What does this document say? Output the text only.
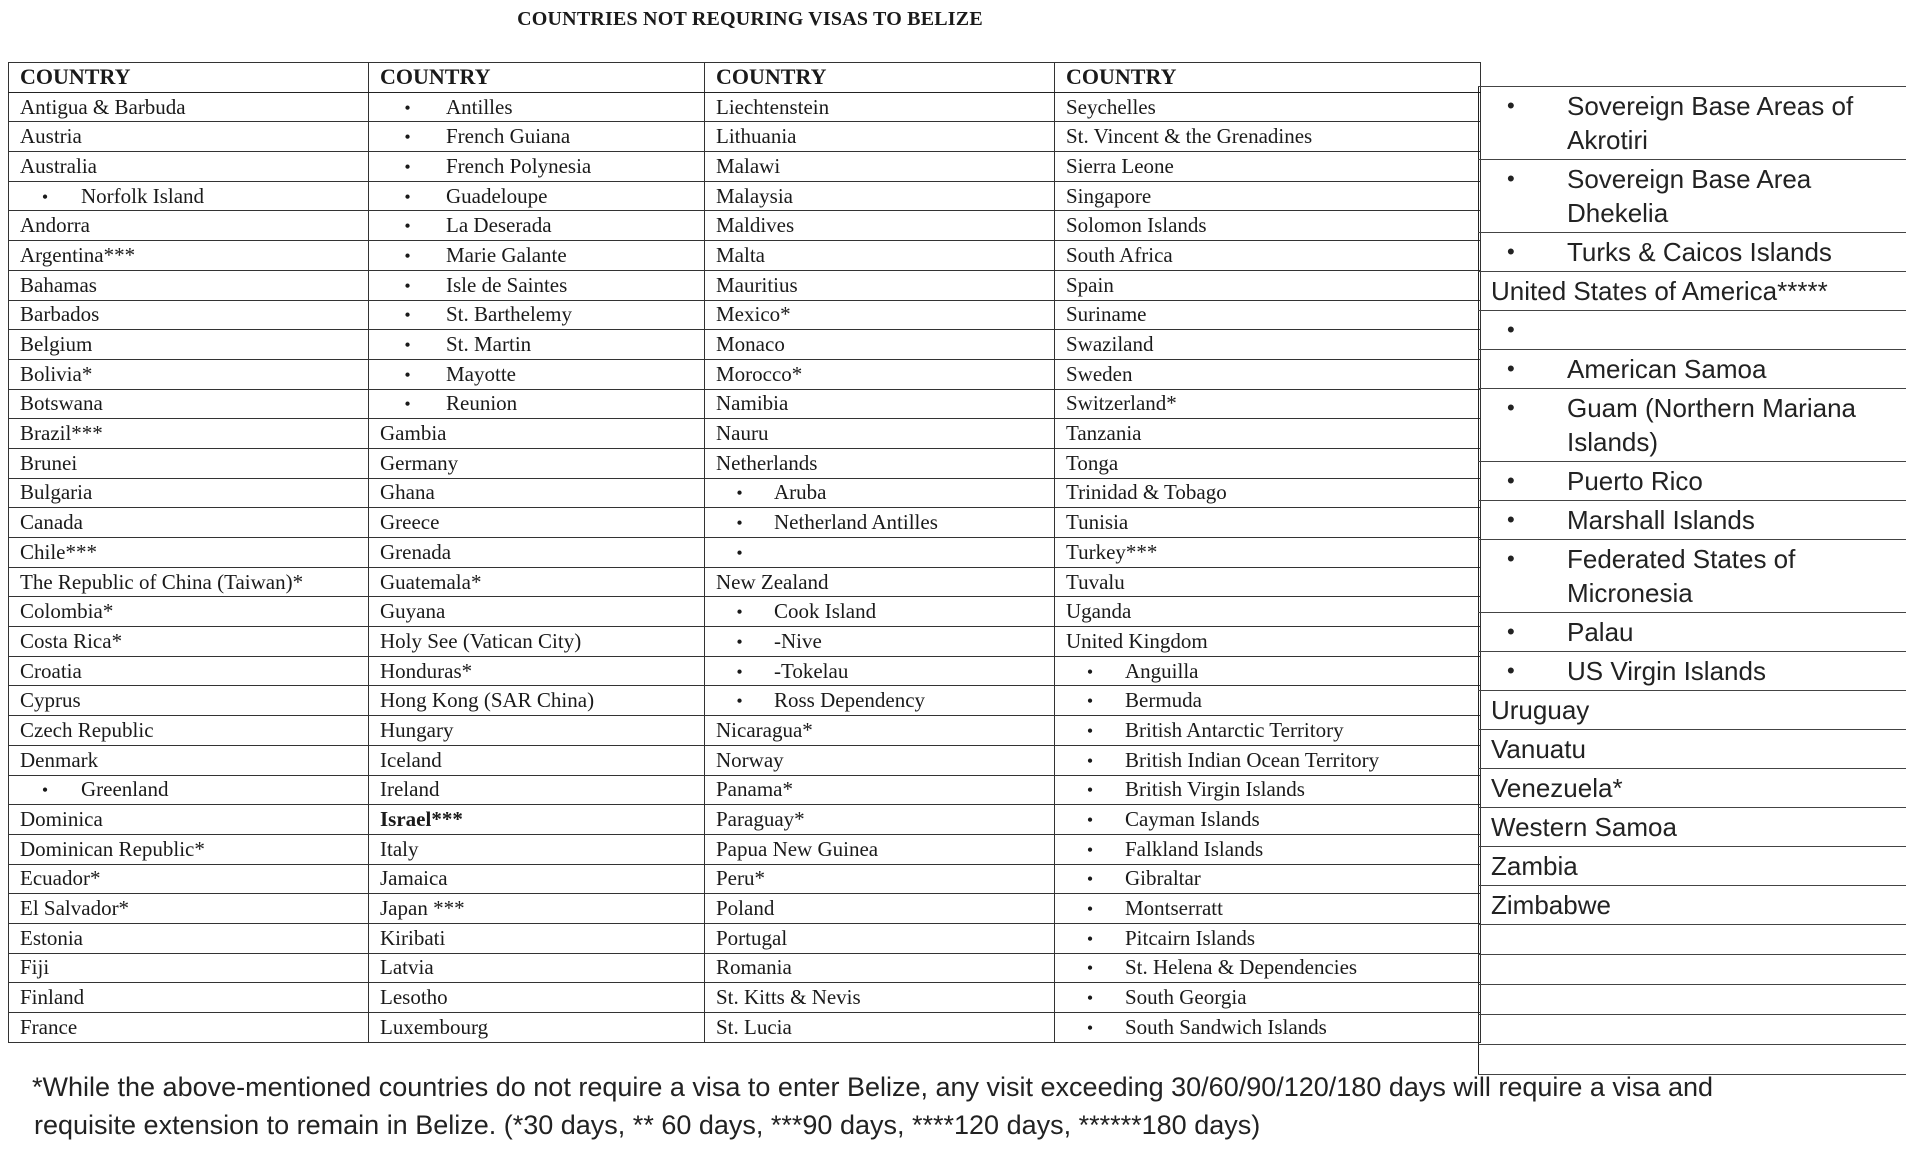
COUNTRIES NOT REQURING VISAS TO BELIZE
COUNTRY	COUNTRY	COUNTRY	COUNTRY
Antigua & Barbuda	• Antilles	Liechtenstein	Seychelles
Austria	• French Guiana	Lithuania	St. Vincent & the Grenadines
Australia	• French Polynesia	Malawi	Sierra Leone
• Norfolk Island	• Guadeloupe	Malaysia	Singapore
Andorra	• La Deserada	Maldives	Solomon Islands
Argentina***	• Marie Galante	Malta	South Africa
Bahamas	• Isle de Saintes	Mauritius	Spain
Barbados	• St. Barthelemy	Mexico*	Suriname
Belgium	• St. Martin	Monaco	Swaziland
Bolivia*	• Mayotte	Morocco*	Sweden
Botswana	• Reunion	Namibia	Switzerland*
Brazil***	Gambia	Nauru	Tanzania
Brunei	Germany	Netherlands	Tonga
Bulgaria	Ghana	• Aruba	Trinidad & Tobago
Canada	Greece	• Netherland Antilles	Tunisia
Chile***	Grenada	•	Turkey***
The Republic of China (Taiwan)*	Guatemala*	New Zealand	Tuvalu
Colombia*	Guyana	• Cook Island	Uganda
Costa Rica*	Holy See (Vatican City)	• -Nive	United Kingdom
Croatia	Honduras*	• -Tokelau	• Anguilla
Cyprus	Hong Kong (SAR China)	• Ross Dependency	• Bermuda
Czech Republic	Hungary	Nicaragua*	• British Antarctic Territory
Denmark	Iceland	Norway	• British Indian Ocean Territory
• Greenland	Ireland	Panama*	• British Virgin Islands
Dominica	Israel***	Paraguay*	• Cayman Islands
Dominican Republic*	Italy	Papua New Guinea	• Falkland Islands
Ecuador*	Jamaica	Peru*	• Gibraltar
El Salvador*	Japan ***	Poland	• Montserratt
Estonia	Kiribati	Portugal	• Pitcairn Islands
Fiji	Latvia	Romania	• St. Helena & Dependencies
Finland	Lesotho	St. Kitts & Nevis	• South Georgia
France	Luxembourg	St. Lucia	• South Sandwich Islands
• Sovereign Base Areas of Akrotiri
• Sovereign Base Area Dhekelia
• Turks & Caicos Islands
United States of America*****
•
• American Samoa
• Guam (Northern Mariana Islands)
• Puerto Rico
• Marshall Islands
• Federated States of Micronesia
• Palau
• US Virgin Islands
Uruguay
Vanuatu
Venezuela*
Western Samoa
Zambia
Zimbabwe

*While the above-mentioned countries do not require a visa to enter Belize, any visit exceeding 30/60/90/120/180 days will require a visa and
requisite extension to remain in Belize. (*30 days, ** 60 days, ***90 days, ****120 days, ******180 days)
